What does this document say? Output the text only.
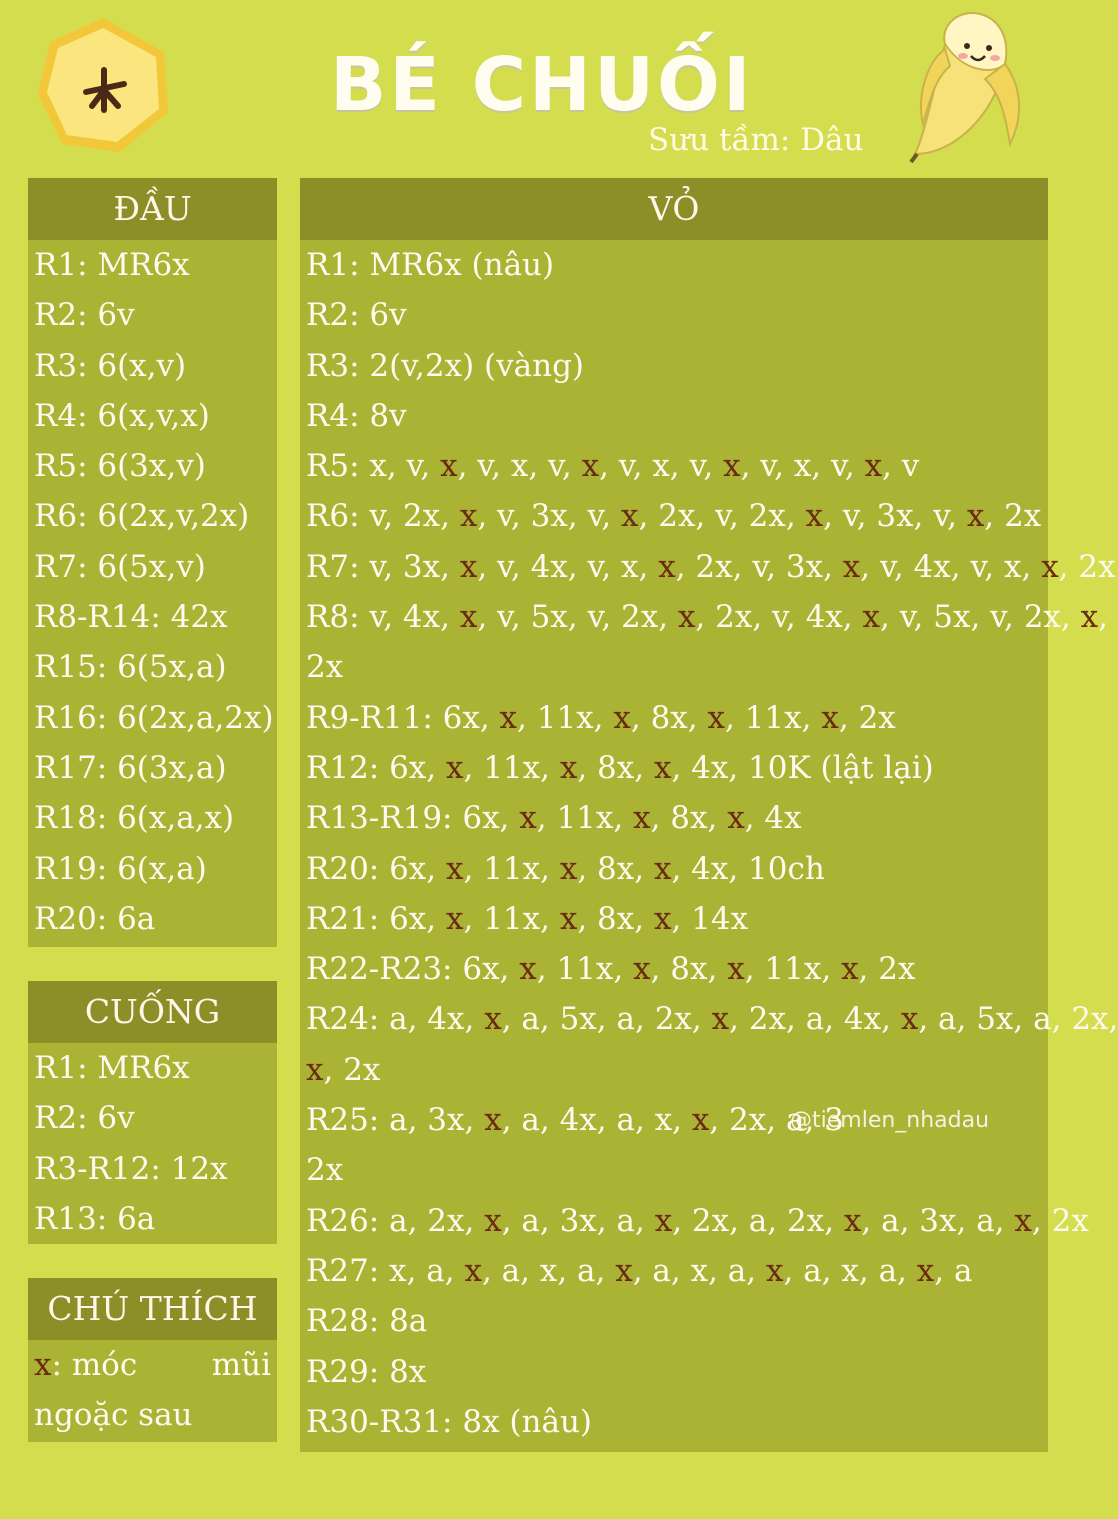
BÉ CHUỐI
Sưu tầm: Dâu
ĐẦU
R1: MR6x
R2: 6v
R3: 6(x,v)
R4: 6(x,v,x)
R5: 6(3x,v)
R6: 6(2x,v,2x)
R7: 6(5x,v)
R8-R14: 42x
R15: 6(5x,a)
R16: 6(2x,a,2x)
R17: 6(3x,a)
R18: 6(x,a,x)
R19: 6(x,a)
R20: 6a
CUỐNG
R1: MR6x
R2: 6v
R3-R12: 12x
R13: 6a
CHÚ THÍCH
x: móc mũi
ngoặc sau
VỎ
R1: MR6x (nâu)
R2: 6v
R3: 2(v,2x) (vàng)
R4: 8v
R5: x, v, x, v, x, v, x, v, x, v, x, v, x, v, x, v
R6: v, 2x, x, v, 3x, v, x, 2x, v, 2x, x, v, 3x, v, x, 2x
R7: v, 3x, x, v, 4x, v, x, x, 2x, v, 3x, x, v, 4x, v, x, x, 2x
R8: v, 4x, x, v, 5x, v, 2x, x, 2x, v, 4x, x, v, 5x, v, 2x, x,
2x
R9-R11: 6x, x, 11x, x, 8x, x, 11x, x, 2x
R12: 6x, x, 11x, x, 8x, x, 4x, 10K (lật lại)
R13-R19: 6x, x, 11x, x, 8x, x, 4x
R20: 6x, x, 11x, x, 8x, x, 4x, 10ch
R21: 6x, x, 11x, x, 8x, x, 14x
R22-R23: 6x, x, 11x, x, 8x, x, 11x, x, 2x
R24: a, 4x, x, a, 5x, a, 2x, x, 2x, a, 4x, x, a, 5x, a, 2x,
x, 2x
R25: a, 3x, x, a, 4x, a, x, x, 2x, a, 3
2x
R26: a, 2x, x, a, 3x, a, x, 2x, a, 2x, x, a, 3x, a, x, 2x
R27: x, a, x, a, x, a, x, a, x, a, x, a, x, a, x, a
R28: 8a
R29: 8x
R30-R31: 8x (nâu)
@tiemlen_nhadau
